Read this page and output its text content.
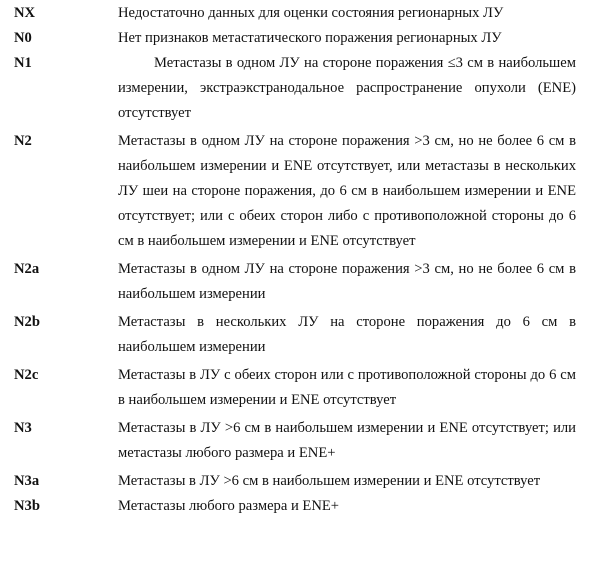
NX	Недостаточно данных для оценки состояния регионарных ЛУ
N0	Нет признаков метастатического поражения регионарных ЛУ
N1	Метастазы в одном ЛУ на стороне поражения ≤3 см в наибольшем измерении, экстраэкстранодальное распространение опухоли (ENE) отсутствует
N2	Метастазы в одном ЛУ на стороне поражения >3 см, но не более 6 см в наибольшем измерении и ENE отсутствует, или метастазы в нескольких ЛУ шеи на стороне поражения, до 6 см в наибольшем измерении и ENE отсутствует; или с обеих сторон либо с противоположной стороны до 6 см в наибольшем измерении и ENE отсутствует
N2a	Метастазы в одном ЛУ на стороне поражения >3 см, но не более 6 см в наибольшем измерении
N2b	Метастазы в нескольких ЛУ на стороне поражения до 6 см в наибольшем измерении
N2c	Метастазы в ЛУ с обеих сторон или с противоположной стороны до 6 см в наибольшем измерении и ENE отсутствует
N3	Метастазы в ЛУ >6 см в наибольшем измерении и ENE отсутствует; или метастазы любого размера и ENE+
N3a	Метастазы в ЛУ >6 см в наибольшем измерении и ENE отсутствует
N3b	Метастазы любого размера и ENE+
